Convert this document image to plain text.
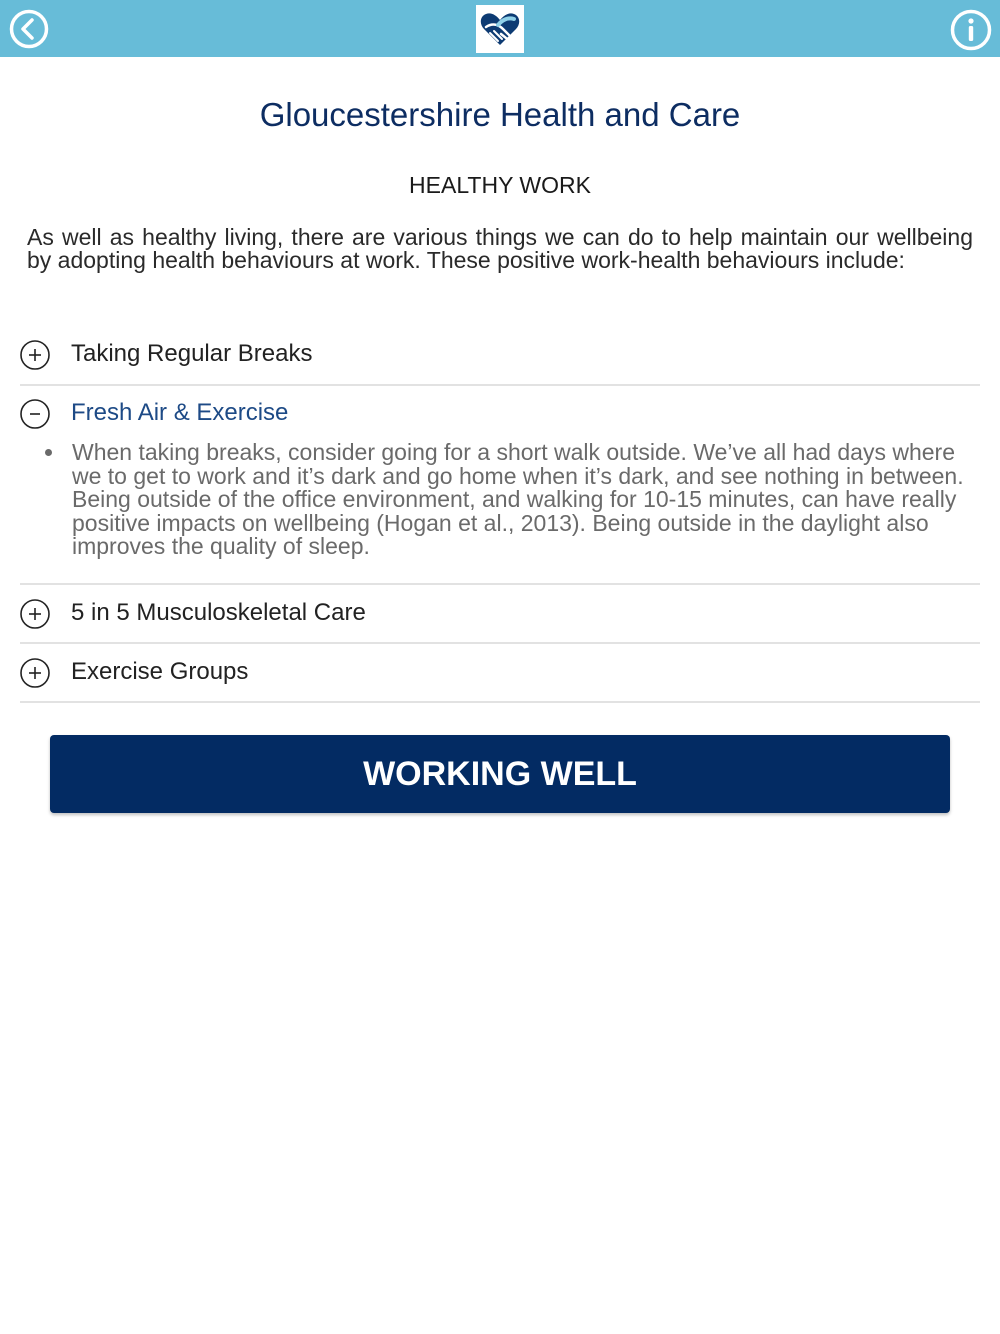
Gloucestershire Health and Care
HEALTHY WORK

As well as healthy living, there are various things we can do to help maintain our wellbeing by adopting health behaviours at work. These positive work-health behaviours include:

Taking Regular Breaks
Fresh Air & Exercise
When taking breaks, consider going for a short walk outside. We’ve all had days where we to get to work and it’s dark and go home when it’s dark, and see nothing in between. Being outside of the office environment, and walking for 10-15 minutes, can have really positive impacts on wellbeing (Hogan et al., 2013). Being outside in the daylight also improves the quality of sleep.
5 in 5 Musculoskeletal Care
Exercise Groups
WORKING WELL
